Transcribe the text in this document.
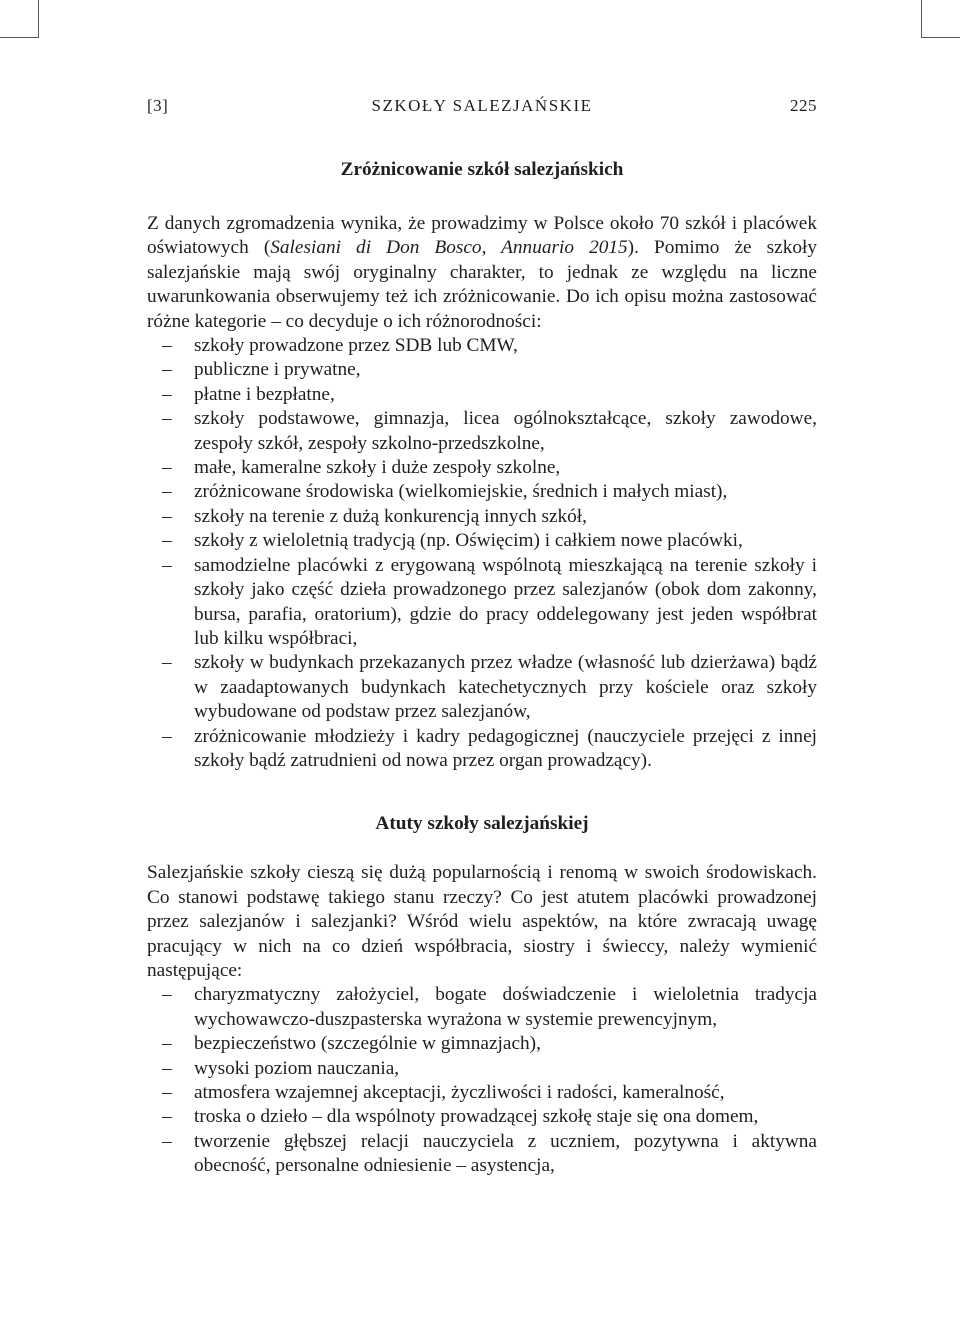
[3]	SZKOŁY SALEZJAŃSKIE	225
Zróżnicowanie szkół salezjańskich

Z danych zgromadzenia wynika, że prowadzimy w Polsce około 70 szkół i placówek oświatowych (Salesiani di Don Bosco, Annuario 2015). Pomimo że szkoły salezjańskie mają swój oryginalny charakter, to jednak ze względu na liczne uwarunkowania obserwujemy też ich zróżnicowanie. Do ich opisu można zastosować różne kategorie – co decyduje o ich różnorodności:

– szkoły prowadzone przez SDB lub CMW,
– publiczne i prywatne,
– płatne i bezpłatne,
– szkoły podstawowe, gimnazja, licea ogólnokształcące, szkoły zawodowe, zespoły szkół, zespoły szkolno-przedszkolne,
– małe, kameralne szkoły i duże zespoły szkolne,
– zróżnicowane środowiska (wielkomiejskie, średnich i małych miast),
– szkoły na terenie z dużą konkurencją innych szkół,
– szkoły z wieloletnią tradycją (np. Oświęcim) i całkiem nowe placówki,
– samodzielne placówki z erygowaną wspólnotą mieszkającą na terenie szkoły i szkoły jako część dzieła prowadzonego przez salezjanów (obok dom zakonny, bursa, parafia, oratorium), gdzie do pracy oddelegowany jest jeden współbrat lub kilku współbraci,
– szkoły w budynkach przekazanych przez władze (własność lub dzierżawa) bądź w zaadaptowanych budynkach katechetycznych przy kościele oraz szkoły wybudowane od podstaw przez salezjanów,
– zróżnicowanie młodzieży i kadry pedagogicznej (nauczyciele przejęci z innej szkoły bądź zatrudnieni od nowa przez organ prowadzący).
Atuty szkoły salezjańskiej

Salezjańskie szkoły cieszą się dużą popularnością i renomą w swoich środowiskach. Co stanowi podstawę takiego stanu rzeczy? Co jest atutem placówki prowadzonej przez salezjanów i salezjanki? Wśród wielu aspektów, na które zwracają uwagę pracujący w nich na co dzień współbracia, siostry i świeccy, należy wymienić następujące:

– charyzmatyczny założyciel, bogate doświadczenie i wieloletnia tradycja wychowawczo-duszpasterska wyrażona w systemie prewencyjnym,
– bezpieczeństwo (szczególnie w gimnazjach),
– wysoki poziom nauczania,
– atmosfera wzajemnej akceptacji, życzliwości i radości, kameralność,
– troska o dzieło – dla wspólnoty prowadzącej szkołę staje się ona domem,
– tworzenie głębszej relacji nauczyciela z uczniem, pozytywna i aktywna obecność, personalne odniesienie – asystencja,
